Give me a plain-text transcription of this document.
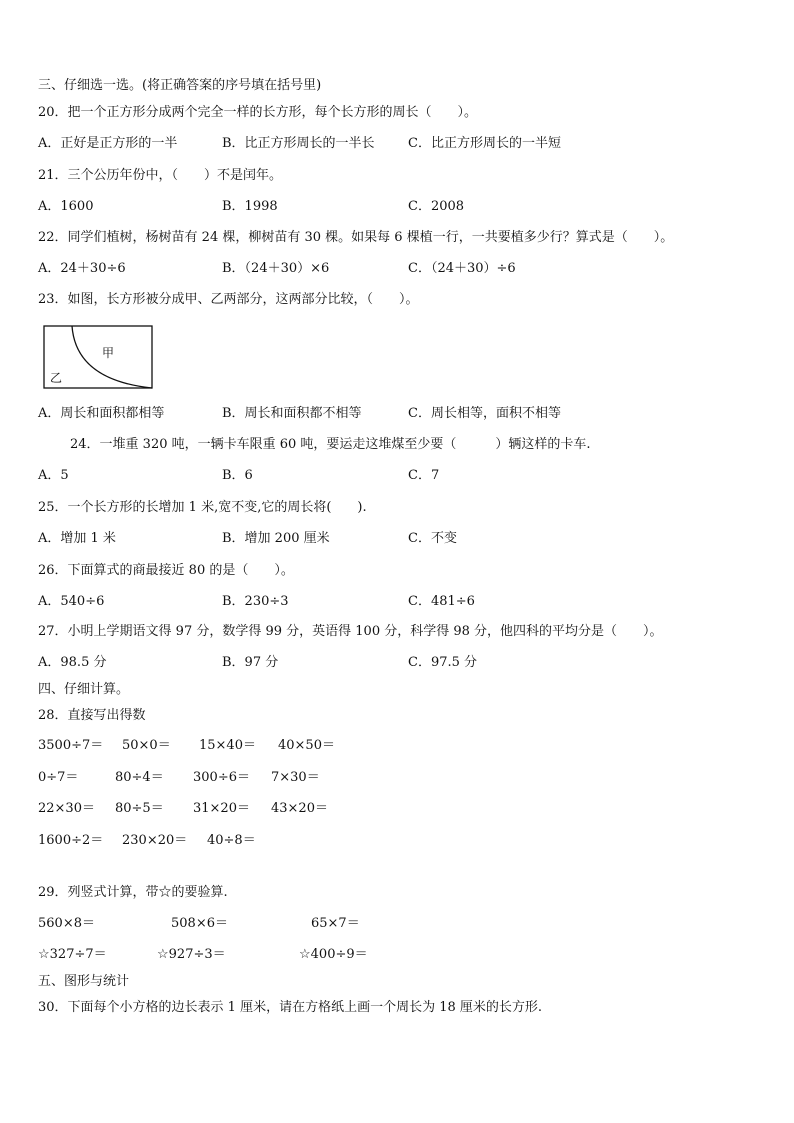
三、仔细选一选。(将正确答案的序号填在括号里)
20．把一个正方形分成两个完全一样的长方形，每个长方形的周长（　　）。
A．正好是正方形的一半	B．比正方形周长的一半长	C．比正方形周长的一半短
21．三个公历年份中，（　　）不是闰年。
A．1600	B．1998	C．2008
22．同学们植树，杨树苗有 24 棵，柳树苗有 30 棵。如果每 6 棵植一行，一共要植多少行？算式是（　　）。
A．24＋30÷6	B．（24＋30）×6	C．（24＋30）÷6
23．如图，长方形被分成甲、乙两部分，这两部分比较，（　　）。
甲
乙
A．周长和面积都相等	B．周长和面积都不相等	C．周长相等，面积不相等
24．一堆重 320 吨，一辆卡车限重 60 吨，要运走这堆煤至少要（　　　）辆这样的卡车.
A．5	B．6	C．7
25．一个长方形的长增加 1 米,宽不变,它的周长将(　　).
A．增加 1 米	B．增加 200 厘米	C．不变
26．下面算式的商最接近 80 的是（　　）。
A．540÷6	B．230÷3	C．481÷6
27．小明上学期语文得 97 分，数学得 99 分，英语得 100 分，科学得 98 分，他四科的平均分是（　　）。
A．98.5 分	B．97 分	C．97.5 分
四、仔细计算。
28．直接写出得数
3500÷7＝ 50×0＝ 15×40＝ 40×50＝
0÷7＝	80÷4＝ 300÷6＝ 7×30＝
22×30＝ 80÷5＝ 31×20＝ 43×20＝
1600÷2＝ 230×20＝ 40÷8＝
29．列竖式计算，带☆的要验算.
560×8＝	508×6＝	65×7＝
☆327÷7＝	☆927÷3＝	☆400÷9＝
五、图形与统计
30．下面每个小方格的边长表示 1 厘米，请在方格纸上画一个周长为 18 厘米的长方形.
